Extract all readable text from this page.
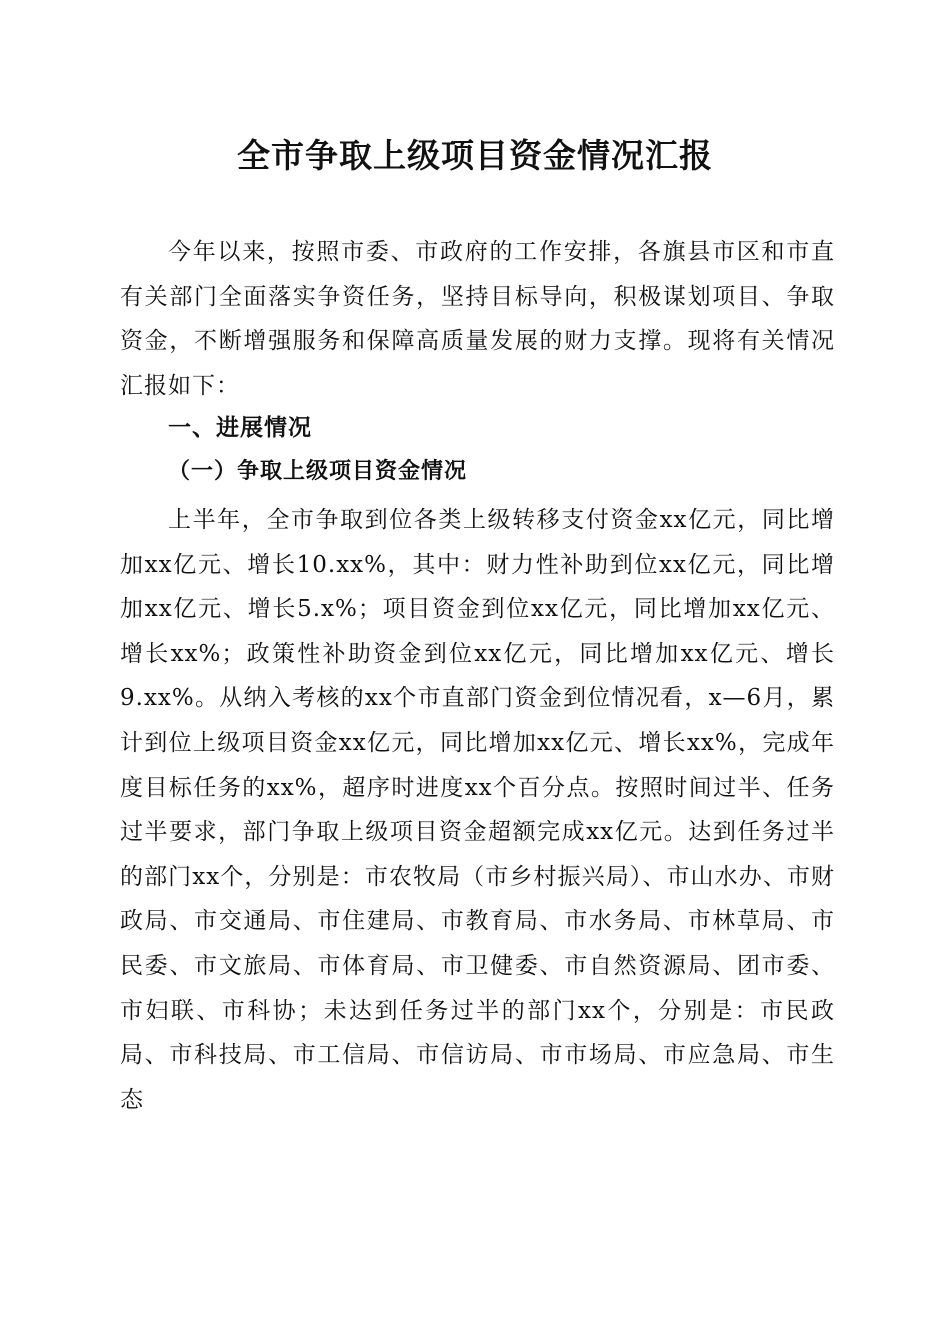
全市争取上级项目资金情况汇报

今年以来，按照市委、市政府的工作安排，各旗县市区和市直有关部门全面落实争资任务，坚持目标导向，积极谋划项目、争取资金，不断增强服务和保障高质量发展的财力支撑。现将有关情况汇报如下：

一、进展情况
（一）争取上级项目资金情况

上半年，全市争取到位各类上级转移支付资金xx亿元，同比增加xx亿元、增长10.xx%，其中：财力性补助到位xx亿元，同比增加xx亿元、增长5.x%；项目资金到位xx亿元，同比增加xx亿元、增长xx%；政策性补助资金到位xx亿元，同比增加xx亿元、增长9.xx%。从纳入考核的xx个市直部门资金到位情况看，x—6月，累计到位上级项目资金xx亿元，同比增加xx亿元、增长xx%，完成年度目标任务的xx%，超序时进度xx个百分点。按照时间过半、任务过半要求，部门争取上级项目资金超额完成xx亿元。达到任务过半的部门xx个，分别是：市农牧局（市乡村振兴局）、市山水办、市财政局、市交通局、市住建局、市教育局、市水务局、市林草局、市民委、市文旅局、市体育局、市卫健委、市自然资源局、团市委、市妇联、市科协；未达到任务过半的部门xx个，分别是：市民政局、市科技局、市工信局、市信访局、市市场局、市应急局、市生态
